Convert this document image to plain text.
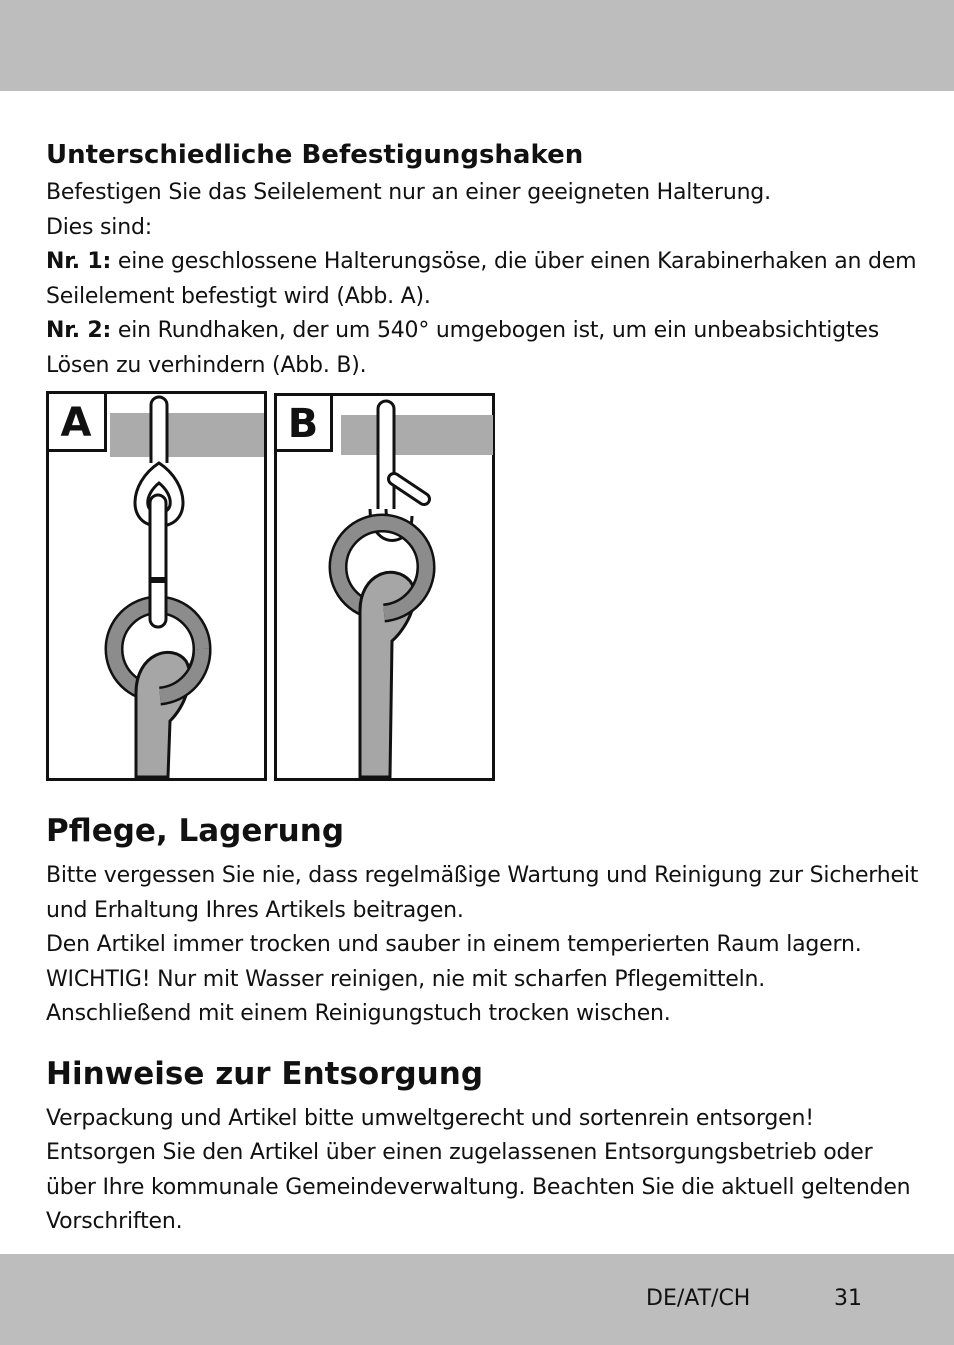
Unterschiedliche Befestigungshaken

Befestigen Sie das Seilelement nur an einer geeigneten Halterung.
Dies sind:

Nr. 1: eine geschlossene Halterungsöse, die über einen Karabinerhaken an dem Seilelement befestigt wird (Abb. A).

Nr. 2: ein Rundhaken, der um 540° umgebogen ist, um ein unbeabsichtigtes Lösen zu verhindern (Abb. B).

A	B
Pflege, Lagerung

Bitte vergessen Sie nie, dass regelmäßige Wartung und Reinigung zur Sicherheit und Erhaltung Ihres Artikels beitragen.

Den Artikel immer trocken und sauber in einem temperierten Raum lagern.

WICHTIG! Nur mit Wasser reinigen, nie mit scharfen Pflegemitteln.

Anschließend mit einem Reinigungstuch trocken wischen.

Hinweise zur Entsorgung

Verpackung und Artikel bitte umweltgerecht und sortenrein entsorgen!

Entsorgen Sie den Artikel über einen zugelassenen Entsorgungsbetrieb oder über Ihre kommunale Gemeindeverwaltung. Beachten Sie die aktuell geltenden Vorschriften.

DE/AT/CH	31
